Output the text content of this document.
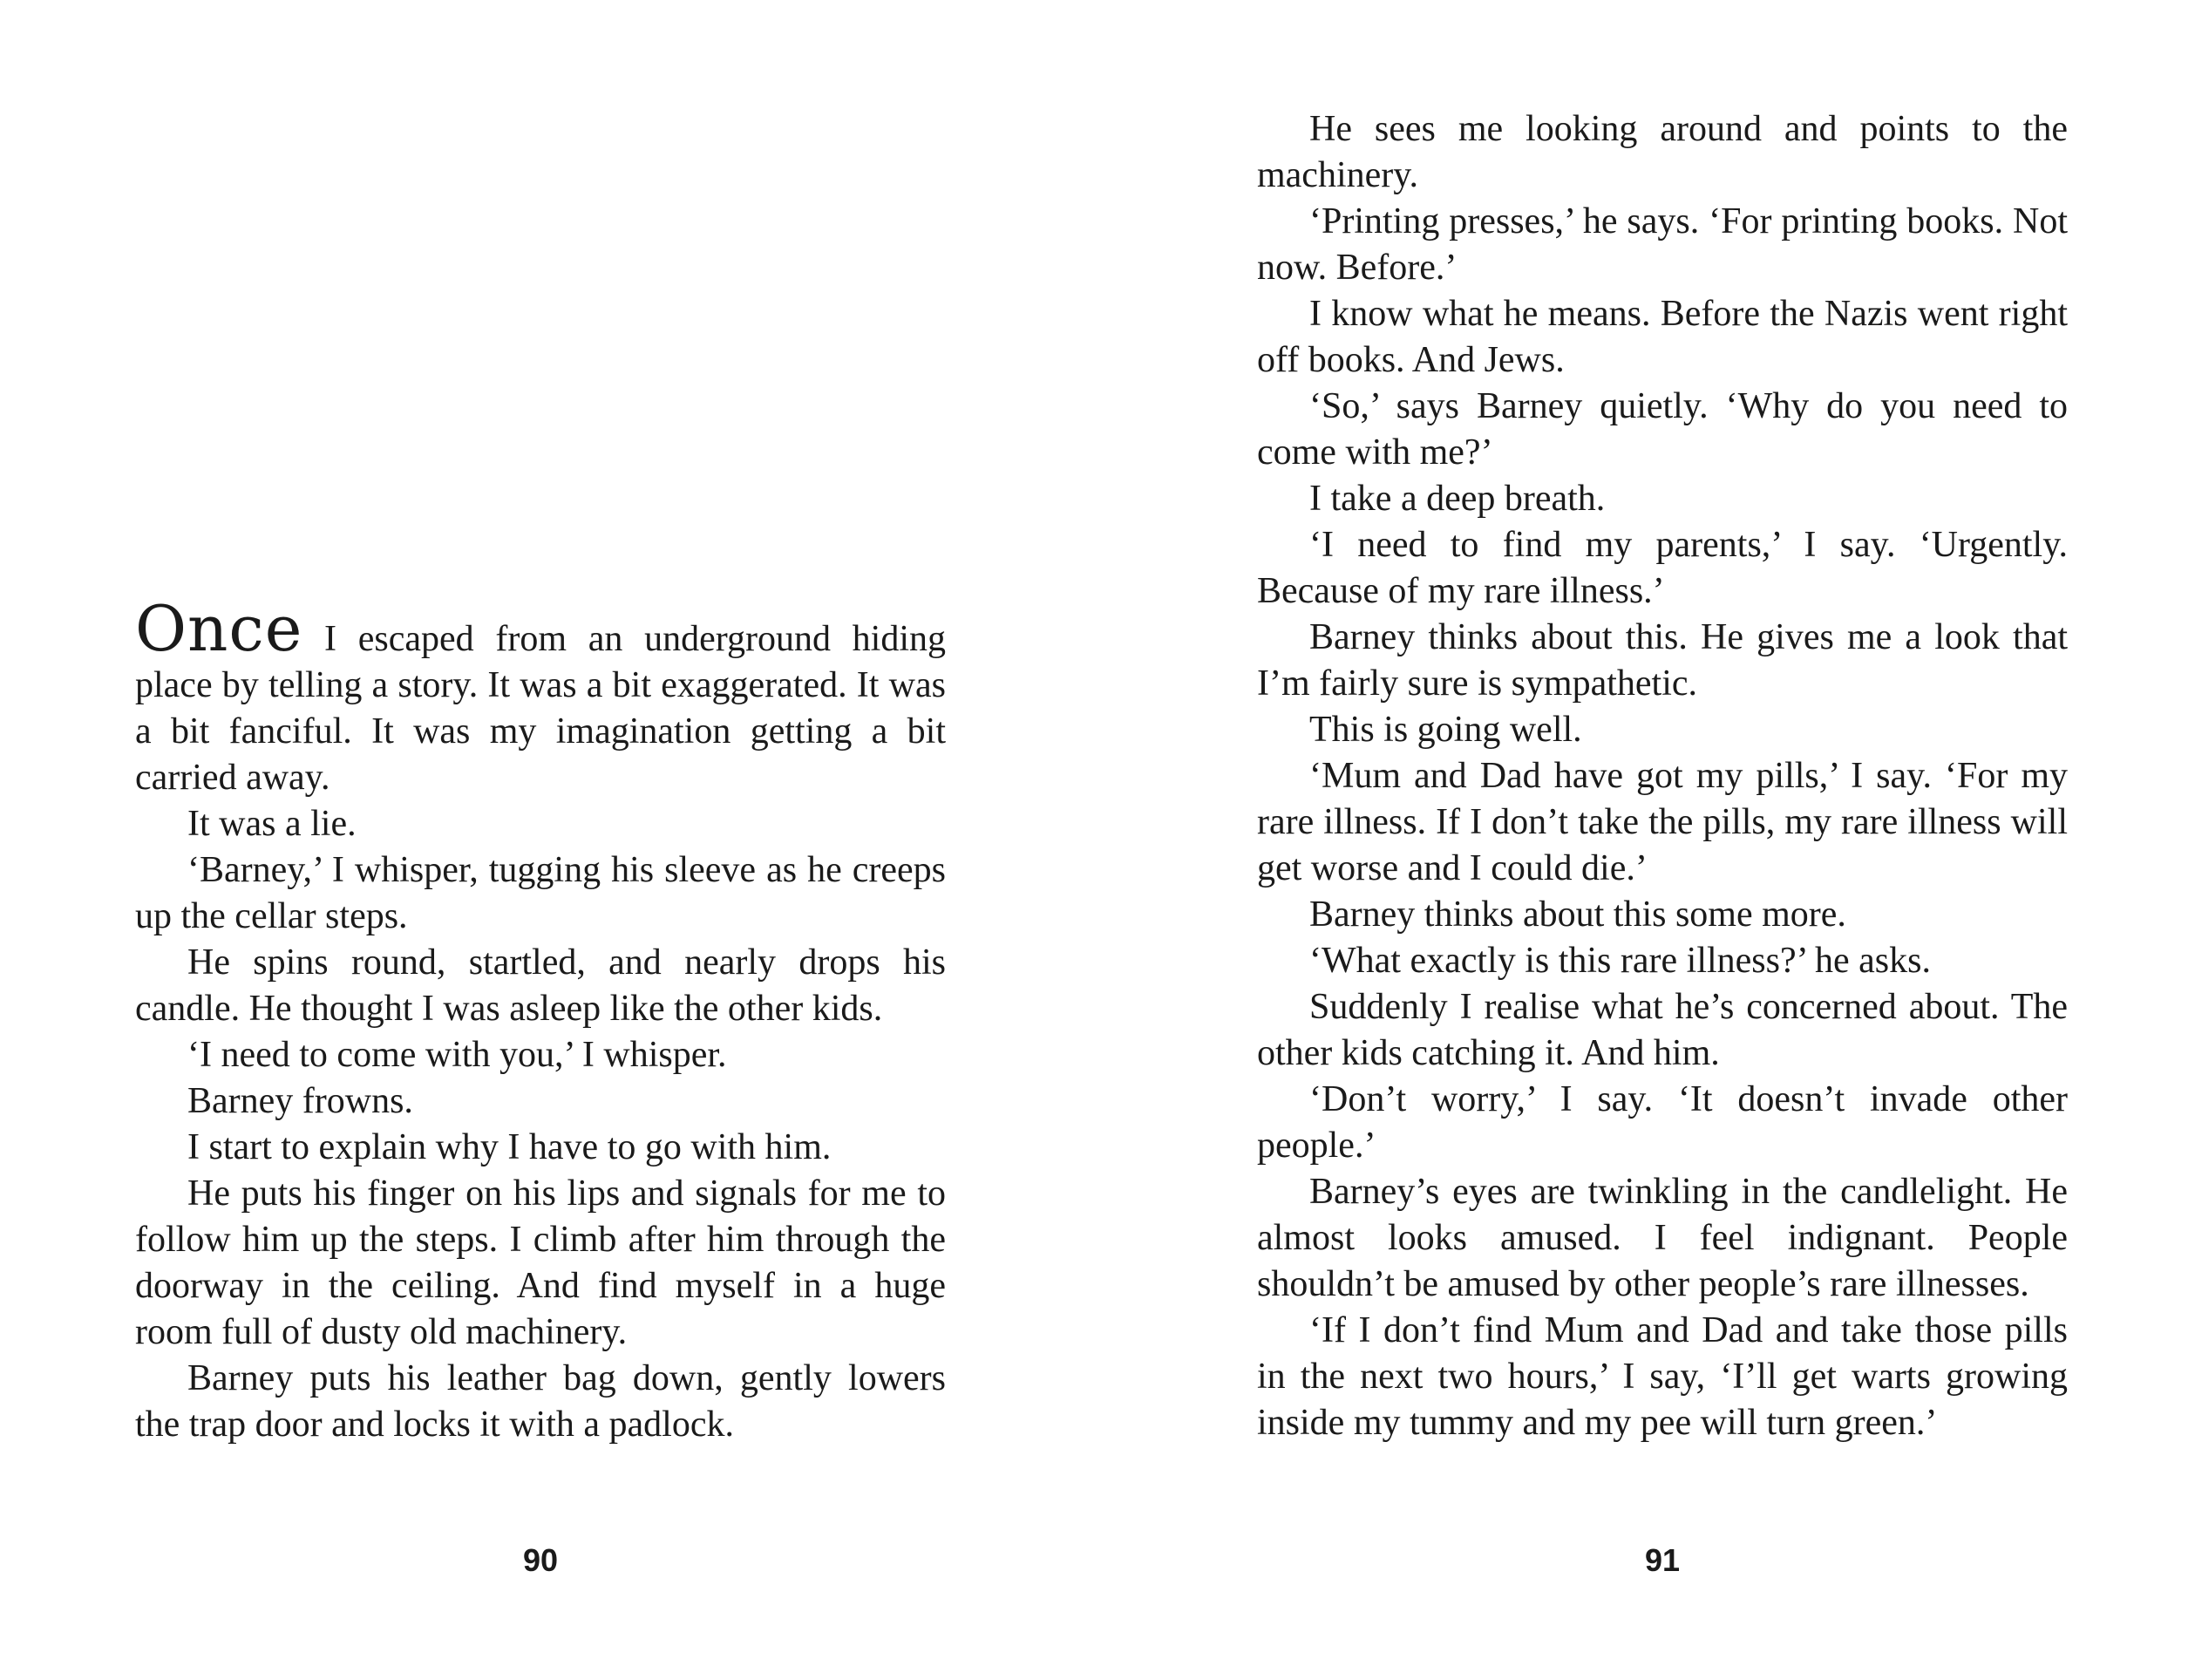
Once I escaped from an underground hiding place by telling a story. It was a bit exaggerated. It was a bit fanciful. It was my imagination getting a bit carried away.

It was a lie.

‘Barney,’ I whisper, tugging his sleeve as he creeps up the cellar steps.

He spins round, startled, and nearly drops his candle. He thought I was asleep like the other kids.

‘I need to come with you,’ I whisper.

Barney frowns.

I start to explain why I have to go with him.

He puts his finger on his lips and signals for me to follow him up the steps. I climb after him through the doorway in the ceiling. And find myself in a huge room full of dusty old machinery.

Barney puts his leather bag down, gently lowers the trap door and locks it with a padlock.

90

He sees me looking around and points to the machinery.

‘Printing presses,’ he says. ‘For printing books. Not now. Before.’

I know what he means. Before the Nazis went right off books. And Jews.

‘So,’ says Barney quietly. ‘Why do you need to come with me?’

I take a deep breath.

‘I need to find my parents,’ I say. ‘Urgently. Because of my rare illness.’

Barney thinks about this. He gives me a look that I’m fairly sure is sympathetic.

This is going well.

‘Mum and Dad have got my pills,’ I say. ‘For my rare illness. If I don’t take the pills, my rare illness will get worse and I could die.’

Barney thinks about this some more.

‘What exactly is this rare illness?’ he asks.

Suddenly I realise what he’s concerned about. The other kids catching it. And him.

‘Don’t worry,’ I say. ‘It doesn’t invade other people.’

Barney’s eyes are twinkling in the candlelight. He almost looks amused. I feel indignant. People shouldn’t be amused by other people’s rare illnesses.

‘If I don’t find Mum and Dad and take those pills in the next two hours,’ I say, ‘I’ll get warts growing inside my tummy and my pee will turn green.’

91
